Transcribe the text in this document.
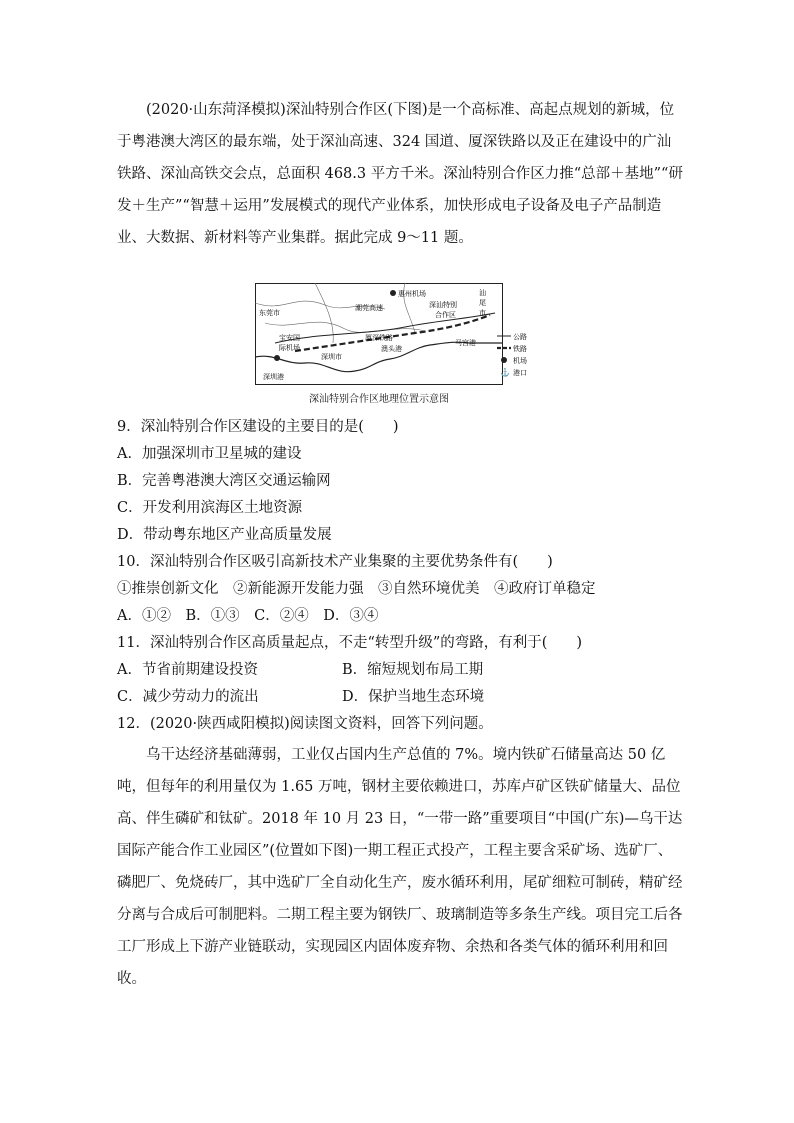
(2020·山东菏泽模拟)深汕特别合作区(下图)是一个高标准、高起点规划的新城，位于粤港澳大湾区的最东端，处于深汕高速、324 国道、厦深铁路以及正在建设中的广汕铁路、深汕高铁交会点，总面积 468.3 平方千米。深汕特别合作区力推“总部＋基地”“研发＋生产”“智慧＋运用”发展模式的现代产业体系，加快形成电子设备及电子产品制造业、大数据、新材料等产业集群。据此完成 9～11 题。
惠州机场
东莞市
潮莞高速	深汕特别
合作区
汕
尾
市
宝安国
际机场
厦深铁路
深圳市
澳头港
马宫港
深圳港
公路
铁路
机场
⚓ 港口
深汕特别合作区地理位置示意图
9．深汕特别合作区建设的主要目的是(　　)
A．加强深圳市卫星城的建设
B．完善粤港澳大湾区交通运输网
C．开发利用滨海区土地资源
D．带动粤东地区产业高质量发展
10．深汕特别合作区吸引高新技术产业集聚的主要优势条件有(　　)
①推崇创新文化　②新能源开发能力强　③自然环境优美　④政府订单稳定
A．①②　B．①③　C．②④　D．③④
11．深汕特别合作区高质量起点，不走“转型升级”的弯路，有利于(　　)
A．节省前期建设投资	B．缩短规划布局工期
C．减少劳动力的流出	D．保护当地生态环境
12．(2020·陕西咸阳模拟)阅读图文资料，回答下列问题。
乌干达经济基础薄弱，工业仅占国内生产总值的 7%。境内铁矿石储量高达 50 亿吨，但每年的利用量仅为 1.65 万吨，钢材主要依赖进口，苏库卢矿区铁矿储量大、品位高、伴生磷矿和钛矿。2018 年 10 月 23 日，“一带一路”重要项目“中国(广东)—乌干达国际产能合作工业园区”(位置如下图)一期工程正式投产，工程主要含采矿场、选矿厂、磷肥厂、免烧砖厂，其中选矿厂全自动化生产，废水循环利用，尾矿细粒可制砖，精矿经分离与合成后可制肥料。二期工程主要为钢铁厂、玻璃制造等多条生产线。项目完工后各工厂形成上下游产业链联动，实现园区内固体废弃物、余热和各类气体的循环利用和回收。
